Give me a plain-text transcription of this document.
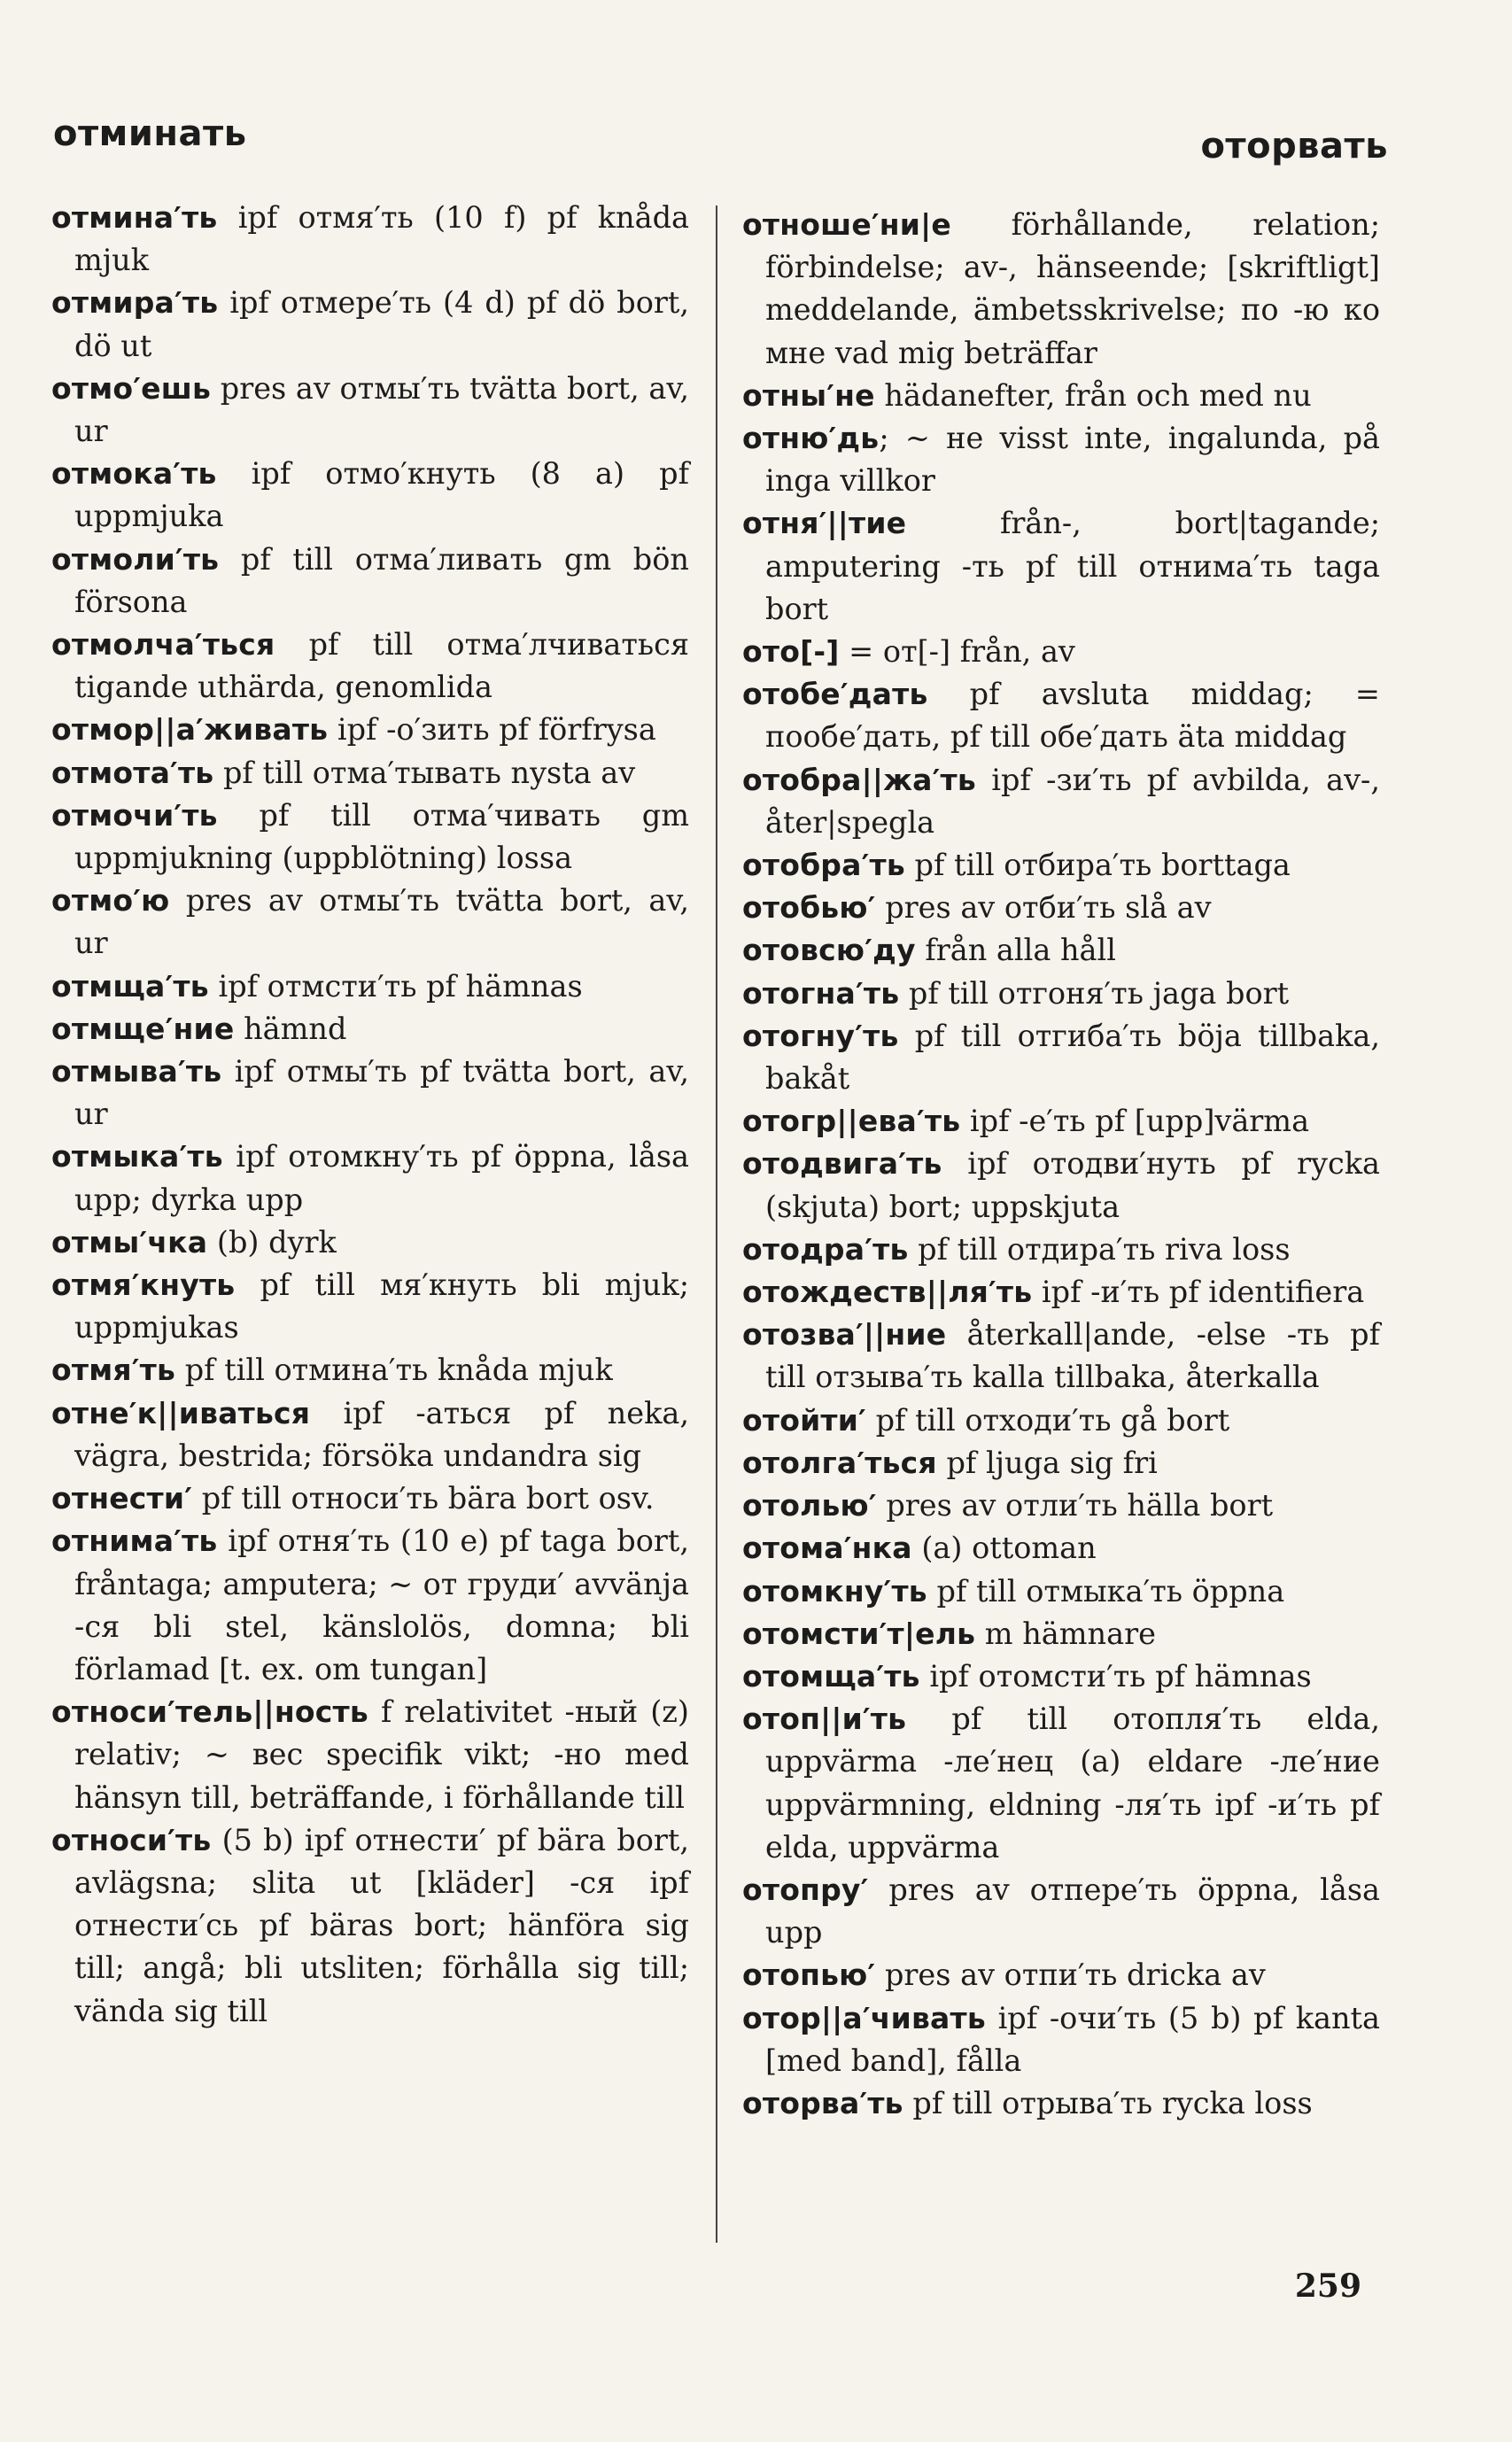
отминать	оторвать

отмина′ть ipf отмя′ть (10 f) pf knåda mjuk

отмира′ть ipf отмере′ть (4 d) pf dö bort, dö ut

отмо′ешь pres av отмы′ть tvätta bort, av, ur

отмока′ть ipf отмо′кнуть (8 a) pf uppmjuka

отмоли′ть pf till отма′ливать gm bön försona

отмолча′ться pf till отма′лчиваться tigande uthärda, genomlida

отмор||а′живать ipf -о′зить pf förfrysa

отмота′ть pf till отма′тывать nysta av

отмочи′ть pf till отма′чивать gm uppmjukning (uppblötning) lossa

отмо′ю pres av отмы′ть tvätta bort, av, ur

отмща′ть ipf отмсти′ть pf hämnas

отмще′ние hämnd

отмыва′ть ipf отмы′ть pf tvätta bort, av, ur

отмыка′ть ipf отомкну′ть pf öppna, låsa upp; dyrka upp

отмы′чка (b) dyrk

отмя′кнуть pf till мя′кнуть bli mjuk; uppmjukas

отмя′ть pf till отмина′ть knåda mjuk

отне′к||иваться ipf -аться pf neka, vägra, bestrida; försöka undandra sig

отнести′ pf till относи′ть bära bort osv.

отнима′ть ipf отня′ть (10 e) pf taga bort, fråntaga; amputera; ~ от груди′ avvänja -ся bli stel, känslolös, domna; bli förlamad [t. ex. om tungan]

относи′тель||ность f relativitet -ный (z) relativ; ~ вес specifik vikt; -но med hänsyn till, beträffande, i förhållande till

относи′ть (5 b) ipf отнести′ pf bära bort, avlägsna; slita ut [kläder] -ся ipf отнести′сь pf bäras bort; hänföra sig till; angå; bli utsliten; förhålla sig till; vända sig till

отноше′ни|е förhållande, relation; förbindelse; av-, hänseende; [skriftligt] meddelande, ämbetsskrivelse; по -ю ко мне vad mig beträffar

отны′не hädanefter, från och med nu

отню′дь; ~ не visst inte, ingalunda, på inga villkor

отня′||тие från-, bort|tagande; amputering -ть pf till отнима′ть taga bort

ото[-] = от[-] från, av

отобе′дать pf avsluta middag; = пообе′дать, pf till обе′дать äta middag

отобра||жа′ть ipf -зи′ть pf avbilda, av-, åter|spegla

отобра′ть pf till отбира′ть borttaga

отобью′ pres av отби′ть slå av

отовсю′ду från alla håll

отогна′ть pf till отгоня′ть jaga bort

отогну′ть pf till отгиба′ть böja tillbaka, bakåt

отогр||ева′ть ipf -е′ть pf [upp]värma

отодвига′ть ipf отодви′нуть pf rycka (skjuta) bort; uppskjuta

отодра′ть pf till отдира′ть riva loss

отождеств||ля′ть ipf -и′ть pf identifiera

отозва′||ние återkall|ande, -else -ть pf till отзыва′ть kalla tillbaka, återkalla

отойти′ pf till отходи′ть gå bort

отолга′ться pf ljuga sig fri

отолью′ pres av отли′ть hälla bort

отома′нка (a) ottoman

отомкну′ть pf till отмыка′ть öppna

отомсти′т|ель m hämnare

отомща′ть ipf отомсти′ть pf hämnas

отоп||и′ть pf till отопля′ть elda, uppvärma -ле′нец (a) eldare -ле′ние uppvärmning, eldning -ля′ть ipf -и′ть pf elda, uppvärma

отопру′ pres av отпере′ть öppna, låsa upp

отопью′ pres av отпи′ть dricka av

отор||а′чивать ipf -очи′ть (5 b) pf kanta [med band], fålla

оторва′ть pf till отрыва′ть rycka loss

259
